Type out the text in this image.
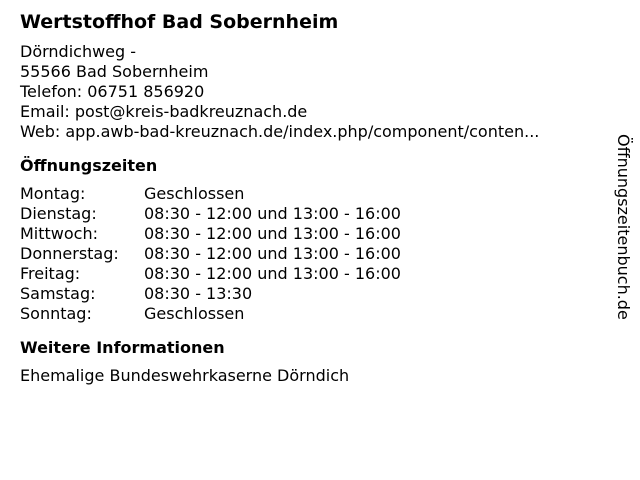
Wertstoffhof Bad Sobernheim
Dörndichweg -
55566 Bad Sobernheim
Telefon: 06751 856920
Email: post@kreis-badkreuznach.de
Web: app.awb-bad-kreuznach.de/index.php/component/conten...
Öffnungszeiten
Montag:	Geschlossen
Dienstag:	08:30 - 12:00 und 13:00 - 16:00
Mittwoch:	08:30 - 12:00 und 13:00 - 16:00
Donnerstag:	08:30 - 12:00 und 13:00 - 16:00
Freitag:	08:30 - 12:00 und 13:00 - 16:00
Samstag:	08:30 - 13:30
Sonntag:	Geschlossen
Weitere Informationen
Ehemalige Bundeswehrkaserne Dörndich
Öffnungszeitenbuch.de
